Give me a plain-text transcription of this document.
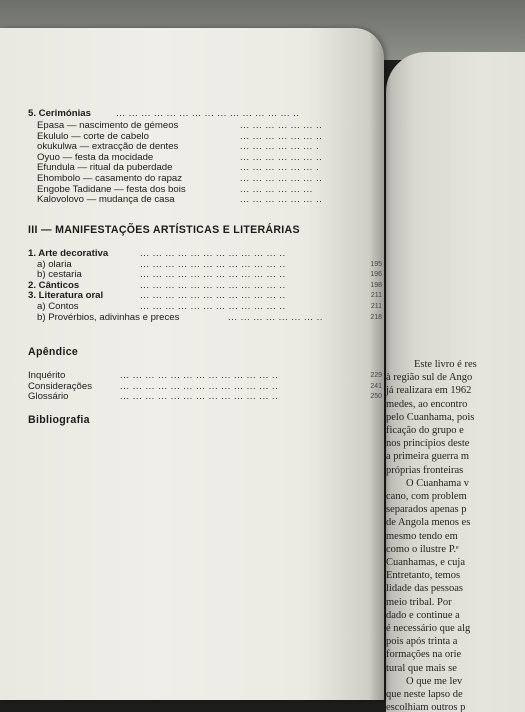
Este livro é res
à região sul de Ango
já realizara em 1962
medes, ao encontro
pelo Cuanhama, pois
ficação do grupo e
nos princípios deste
a primeira guerra m
próprias fronteiras
O Cuanhama v
cano, com problem
separados apenas p
de Angola menos es
mesmo tendo em
como o ilustre P.ᵉ
Cuanhamas, e cuja
Entretanto, temos
lidade das pessoas
meio tribal. Por
dado e continue a
é necessário que alg
pois após trinta a
formações na orie
tural que mais se
O que me lev
que neste lapso de
escolhiam outros p
5. Cerimónias	... ... ... ... ... ... ... ... ... ... ... ... ... ... ..
Epasa — nascimento de gémeos	... ... ... ... ... ... ..
Ekululo — corte de cabelo	... ... ... ... ... ... ..
okukulwa — extracção de dentes	... ... ... ... ... ... .
Oyuo — festa da mocidade	... ... ... ... ... ... ..
Efundula — ritual da puberdade	... ... ... ... ... ... .
Ehombolo — casamento do rapaz	... ... ... ... ... ... ..
Engobe Tadidane — festa dos bois	... ... ... ... ... ...
Kalovolovo — mudança de casa	... ... ... ... ... ... ..
III — MANIFESTAÇÕES ARTÍSTICAS E LITERÁRIAS
1. Arte decorativa	... ... ... ... ... ... ... ... ... ... ... ..
a) olaria	... ... ... ... ... ... ... ... ... ... ... ..	195
b) cestaria	... ... ... ... ... ... ... ... ... ... ... ..	196
2. Cânticos	... ... ... ... ... ... ... ... ... ... ... ..	198
3. Literatura oral	... ... ... ... ... ... ... ... ... ... ... ..	211
a) Contos	... ... ... ... ... ... ... ... ... ... ... ..	211
b) Provérbios, adivinhas e preces	... ... ... ... ... ... ... ..	218
Apêndice
Inquérito	... ... ... ... ... ... ... ... ... ... ... ... ..	229
Considerações	... ... ... ... ... ... ... ... ... ... ... ... ..	241
Glossário	... ... ... ... ... ... ... ... ... ... ... ... ..	250
Bibliografia
